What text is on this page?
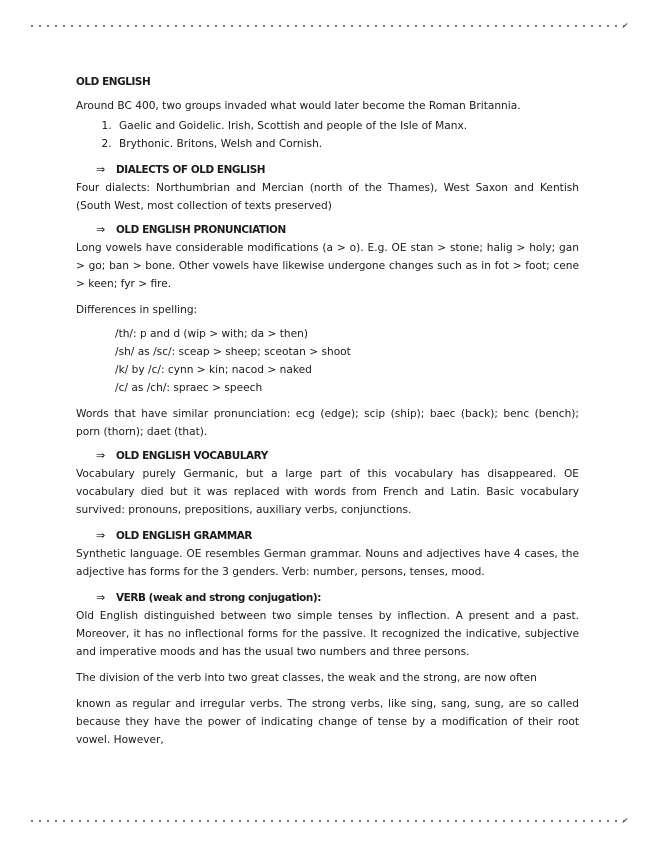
OLD ENGLISH

Around BC 400, two groups invaded what would later become the Roman Britannia.

1. Gaelic and Goidelic. Irish, Scottish and people of the Isle of Manx.
2. Brythonic. Britons, Welsh and Cornish.
⇒	DIALECTS OF OLD ENGLISH

Four dialects: Northumbrian and Mercian (north of the Thames), West Saxon and Kentish (South West, most collection of texts preserved)

⇒	OLD ENGLISH PRONUNCIATION

Long vowels have considerable modifications (a > o). E.g. OE stan > stone; halig > holy; gan > go; ban > bone. Other vowels have likewise undergone changes such as in fot > foot; cene > keen; fyr > fire.

Differences in spelling:

/th/: p and d (wip > with; da > then)
/sh/ as /sc/: sceap > sheep; sceotan > shoot
/k/ by /c/: cynn > kin; nacod > naked
/c/ as /ch/: spraec > speech

Words that have similar pronunciation: ecg (edge); scip (ship); baec (back); benc (bench); porn (thorn); daet (that).

⇒	OLD ENGLISH VOCABULARY

Vocabulary purely Germanic, but a large part of this vocabulary has disappeared. OE vocabulary died but it was replaced with words from French and Latin. Basic vocabulary survived: pronouns, prepositions, auxiliary verbs, conjunctions.

⇒	OLD ENGLISH GRAMMAR

Synthetic language. OE resembles German grammar. Nouns and adjectives have 4 cases, the adjective has forms for the 3 genders. Verb: number, persons, tenses, mood.

⇒	VERB (weak and strong conjugation):

Old English distinguished between two simple tenses by inflection. A present and a past. Moreover, it has no inflectional forms for the passive. It recognized the indicative, subjective and imperative moods and has the usual two numbers and three persons.

The division of the verb into two great classes, the weak and the strong, are now often

known as regular and irregular verbs. The strong verbs, like sing, sang, sung, are so called because they have the power of indicating change of tense by a modification of their root vowel. However,
